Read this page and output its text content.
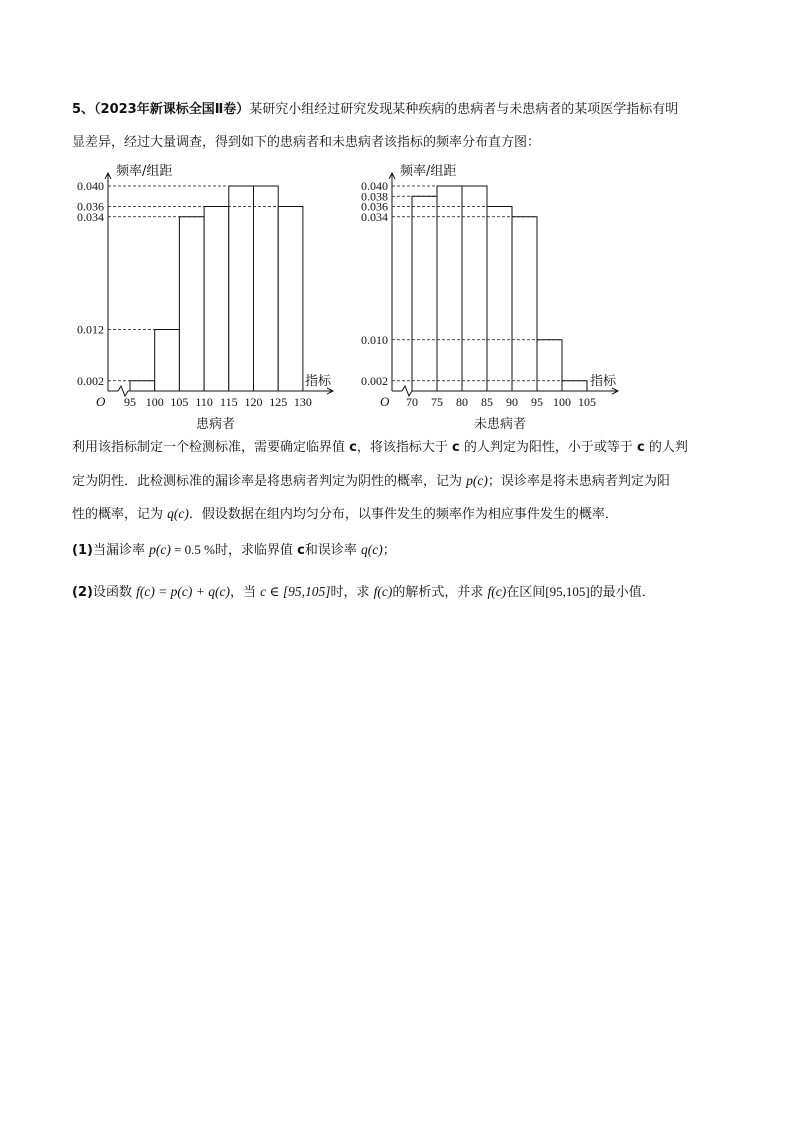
5、（2023年新课标全国Ⅱ卷）某研究小组经过研究发现某种疾病的患病者与未患病者的某项医学指标有明
显差异，经过大量调查，得到如下的患病者和未患病者该指标的频率分布直方图：
频率/组距
指标
O
0.040
0.036
0.034
0.012
0.002
95 100 105 110 115 120 125 130
患病者
频率/组距
指标
O
0.040
0.038
0.036
0.034
0.010
0.002
70 75 80 85 90 95 100 105
未患病者
利用该指标制定一个检测标准，需要确定临界值 c，将该指标大于 c 的人判定为阳性，小于或等于 c 的人判
定为阴性．此检测标准的漏诊率是将患病者判定为阴性的概率，记为 p(c)；误诊率是将未患病者判定为阳
性的概率，记为 q(c)．假设数据在组内均匀分布，以事件发生的频率作为相应事件发生的概率．
(1)当漏诊率 p(c) = 0.5 %时，求临界值 c和误诊率 q(c)；
(2)设函数 f(c) = p(c) + q(c)，当 c ∈ [95,105]时，求 f(c)的解析式，并求 f(c)在区间[95,105]的最小值．
